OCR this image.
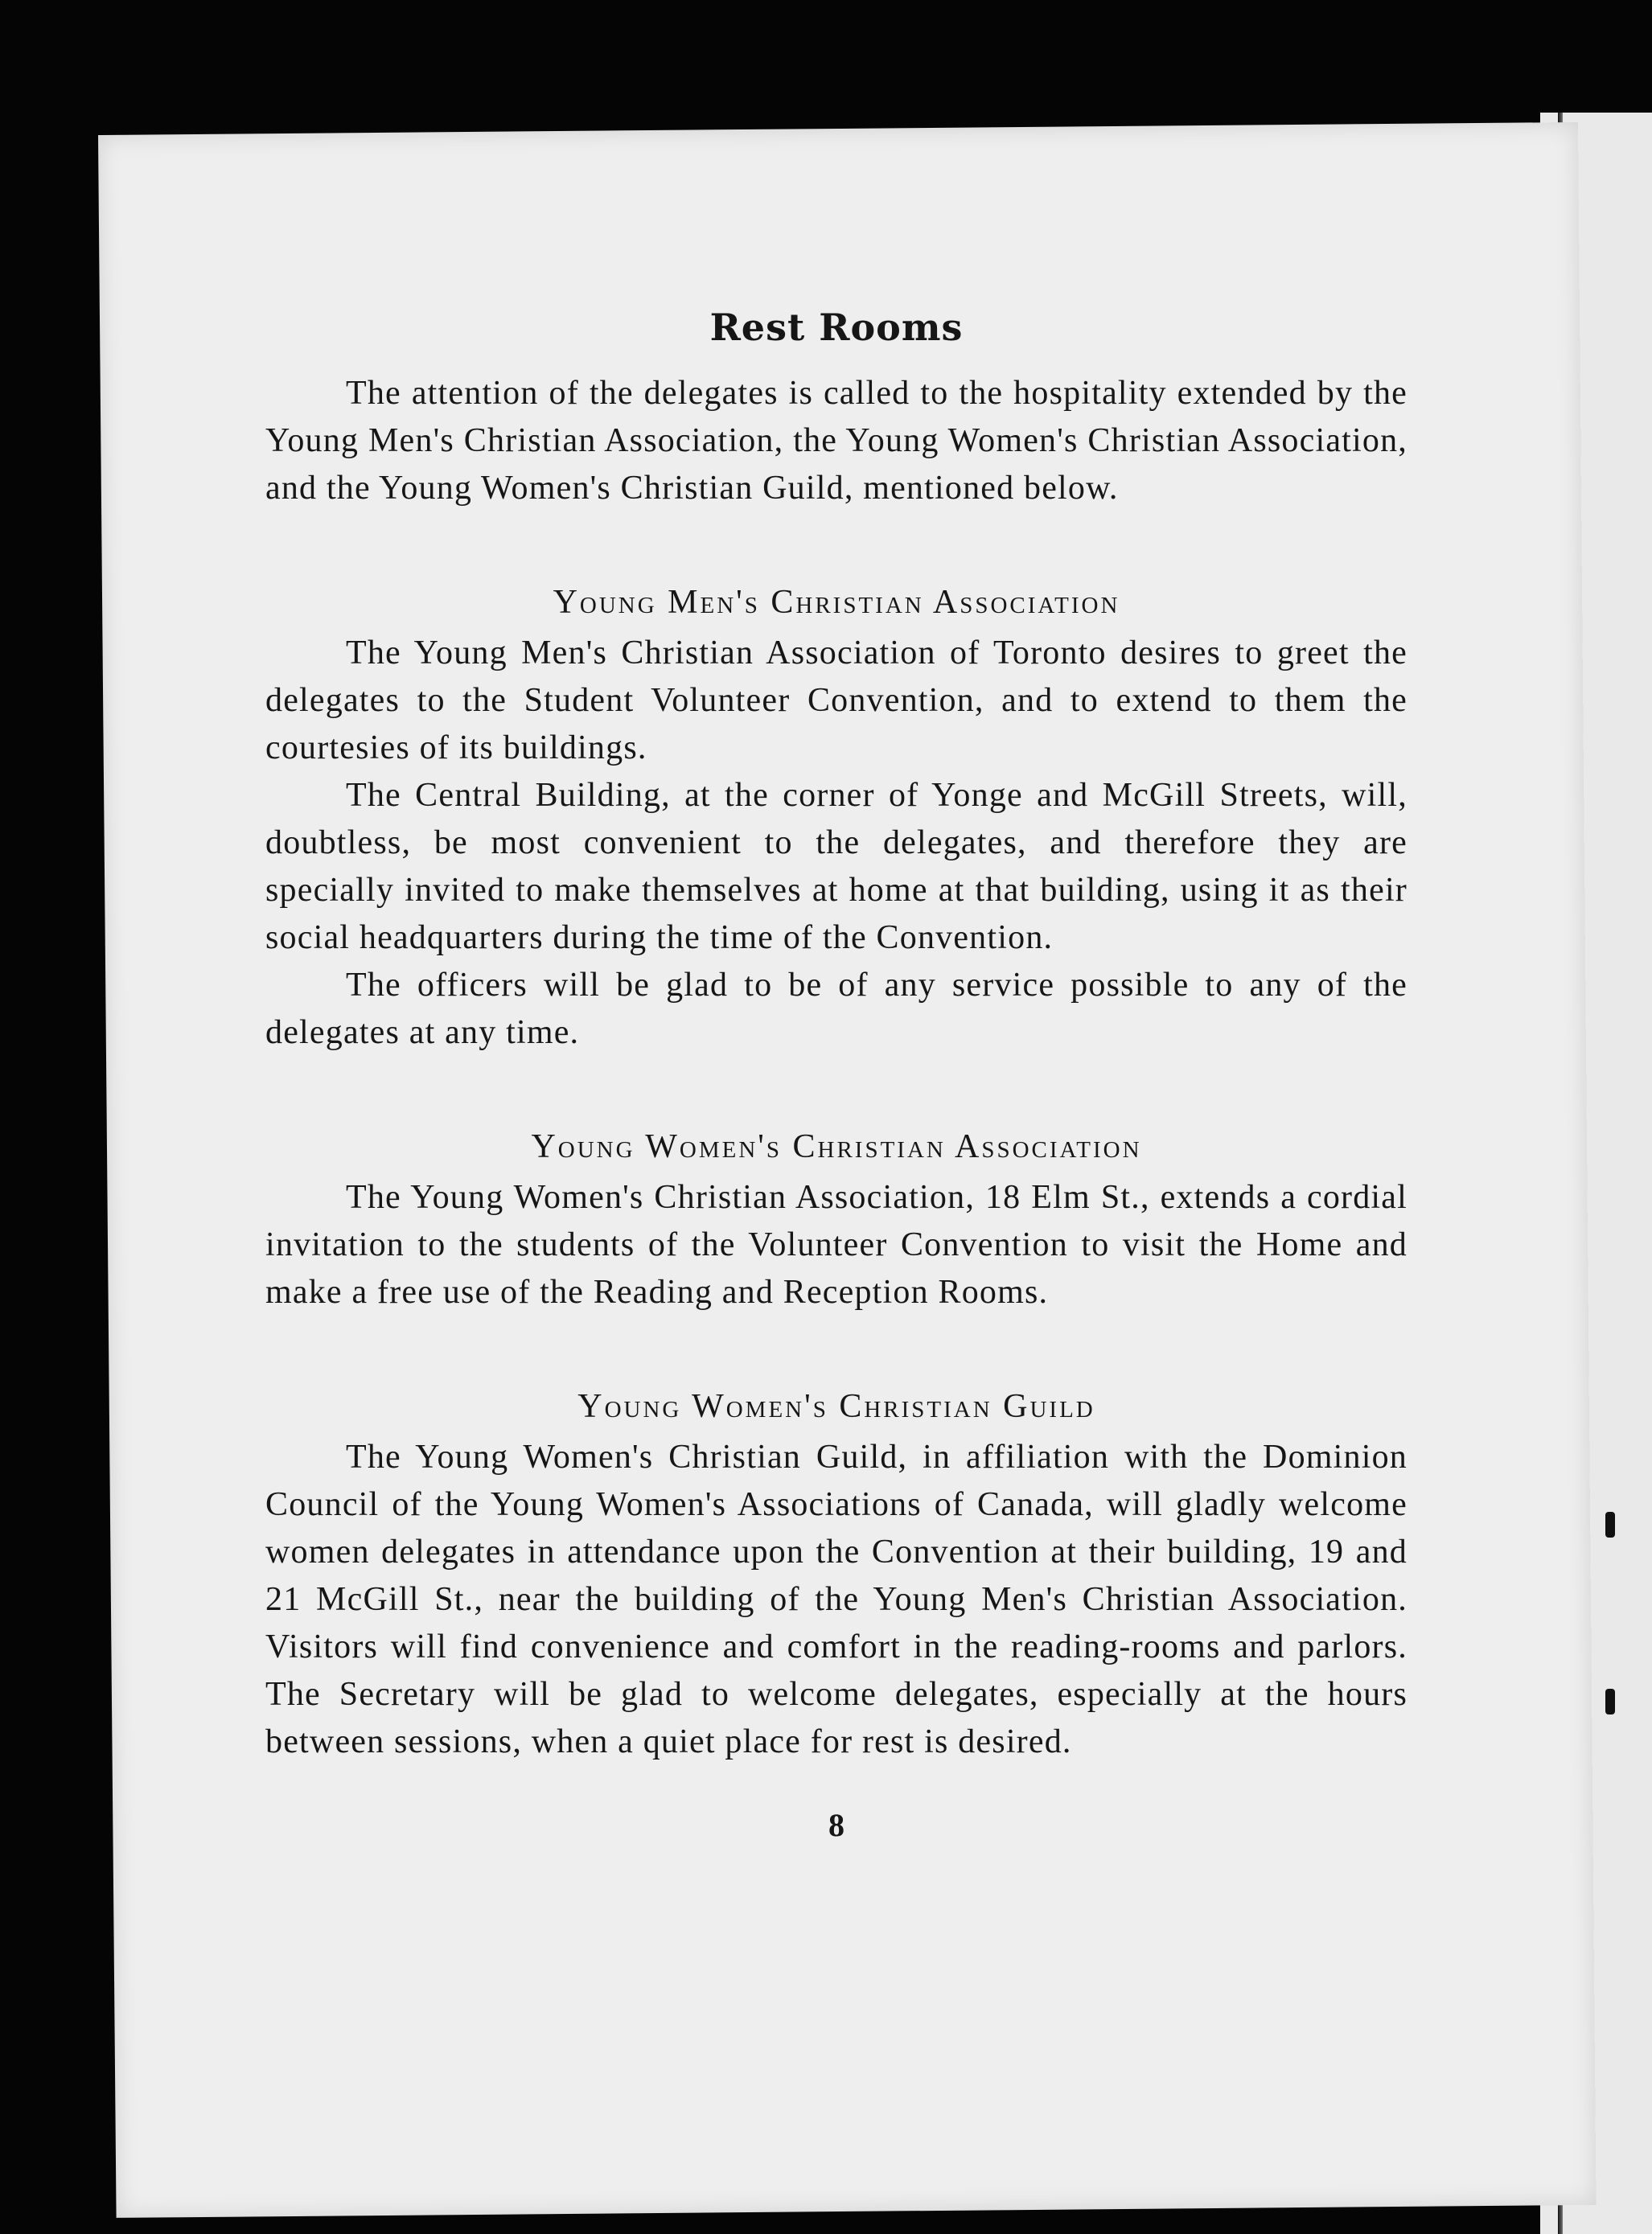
Rest Rooms

The attention of the delegates is called to the hospitality extended by the Young Men's Christian Association, the Young Women's Christian Association, and the Young Women's Christian Guild, mentioned below.

Young Men's Christian Association

The Young Men's Christian Association of Toronto desires to greet the delegates to the Student Volunteer Convention, and to extend to them the courtesies of its buildings.

The Central Building, at the corner of Yonge and McGill Streets, will, doubtless, be most convenient to the delegates, and therefore they are specially invited to make themselves at home at that building, using it as their social headquarters during the time of the Convention.

The officers will be glad to be of any service possible to any of the delegates at any time.

Young Women's Christian Association

The Young Women's Christian Association, 18 Elm St., extends a cordial invitation to the students of the Volunteer Convention to visit the Home and make a free use of the Reading and Reception Rooms.

Young Women's Christian Guild

The Young Women's Christian Guild, in affiliation with the Dominion Council of the Young Women's Associations of Canada, will gladly welcome women delegates in attendance upon the Convention at their building, 19 and 21 McGill St., near the building of the Young Men's Christian Association. Visitors will find convenience and comfort in the reading-rooms and parlors. The Secretary will be glad to welcome delegates, especially at the hours between sessions, when a quiet place for rest is desired.

8
